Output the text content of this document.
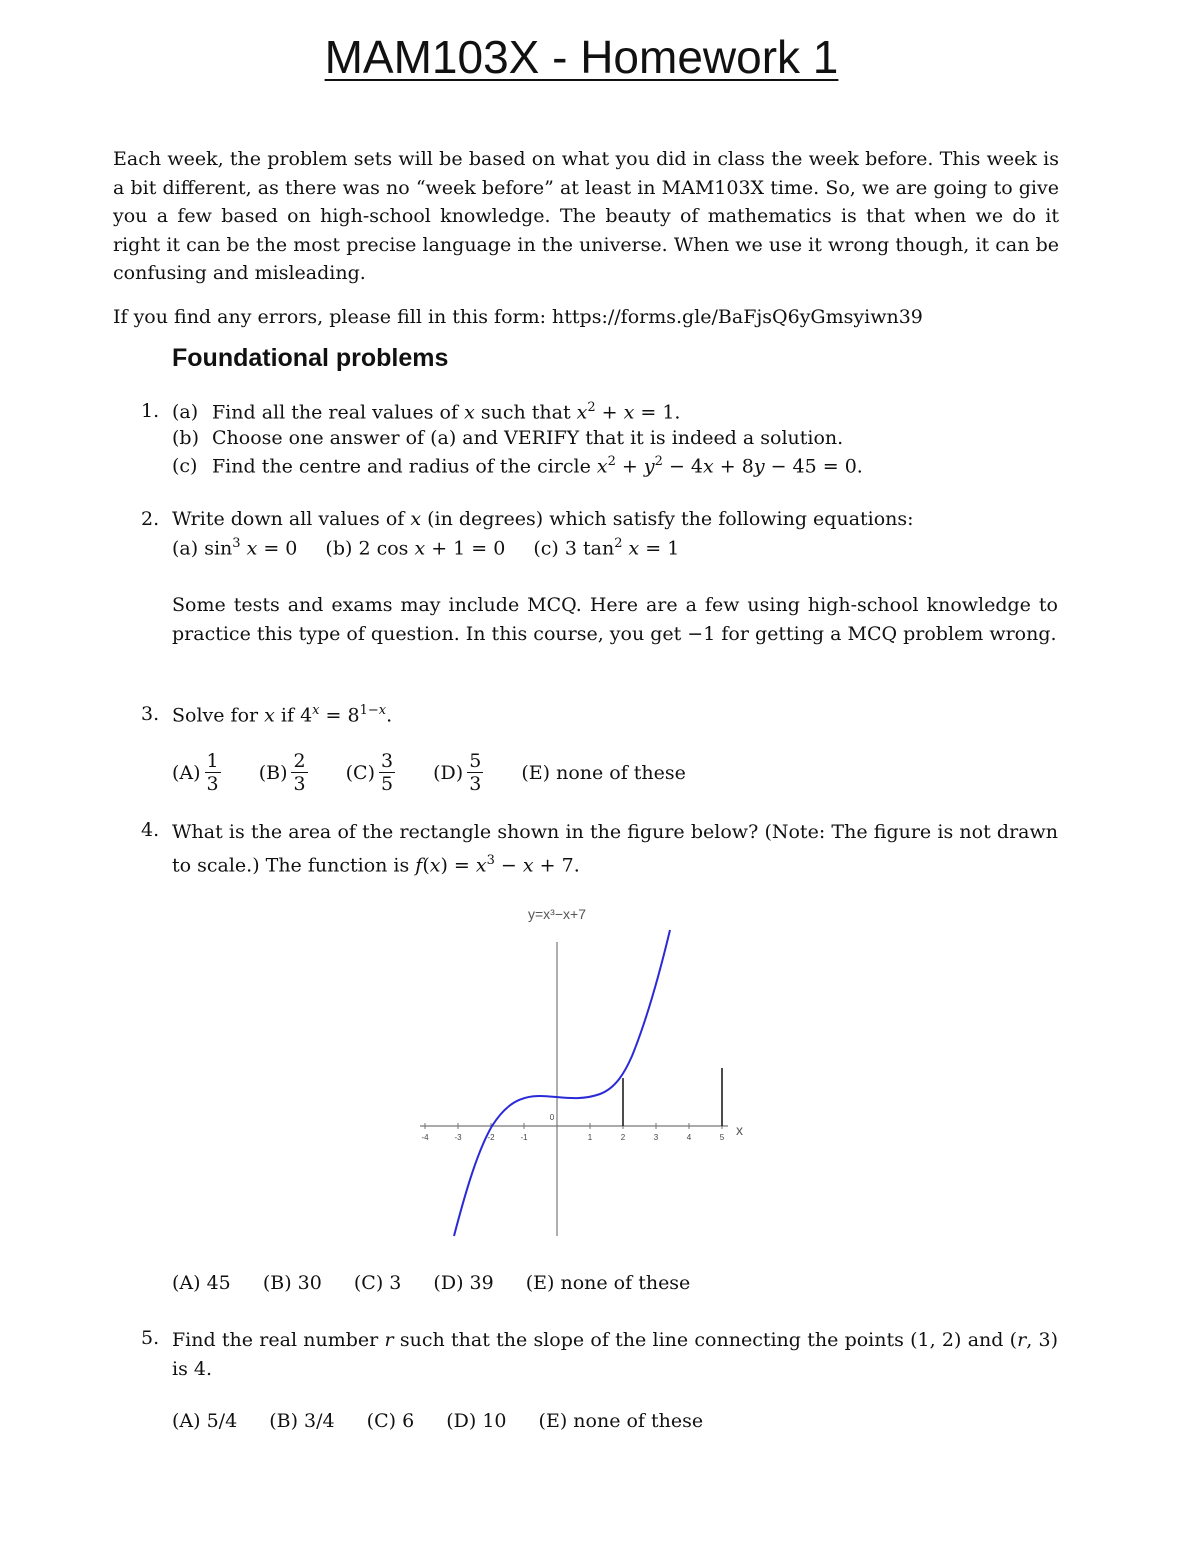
MAM103X - Homework 1

Each week, the problem sets will be based on what you did in class the week before. This week is a bit different, as there was no “week before” at least in MAM103X time. So, we are going to give you a few based on high-school knowledge. The beauty of mathematics is that when we do it right it can be the most precise language in the universe. When we use it wrong though, it can be confusing and misleading.

If you find any errors, please fill in this form: https://forms.gle/BaFjsQ6yGmsyiwn39

Foundational problems
1. (a) Find all the real values of x such that $x^2 + x = 1$.
(b) Choose one answer of (a) and VERIFY that it is indeed a solution.
(c) Find the centre and radius of the circle $x^2 + y^2 - 4x + 8y - 45 = 0$.
2. Write down all values of x (in degrees) which satisfy the following equations:
(a) $\sin^3 x = 0$ (b) 2 cos x + 1 = 0 (c) 3 $\tan^2 x = 1$

Some tests and exams may include MCQ. Here are a few using high-school knowledge to practice this type of question. In this course, you get −1 for getting a MCQ problem wrong.

3. Solve for x if $4^x = 8^{1-x}$.
$(A) \frac{1}{3}$
$(B) \frac{2}{3}$
$(C) \frac{3}{5}$
$(D) \frac{5}{3} (E)$ none of these
4. What is the area of the rectangle shown in the figure below? (Note: The figure is not drawn to scale.) The function is $f(x) = x^3 - x + 7$.

y=x³−x+7
x
-4	-3	-2	-1
0
1	2	3	4	5
(A) 45 (B) 30 (C) 3 (D) 39 (E) none of these
5. Find the real number r such that the slope of the line connecting the points (1, 2) and (r, 3) is 4.

(A) 5/4 (B) 3/4 (C) 6 (D) 10 (E) none of these
